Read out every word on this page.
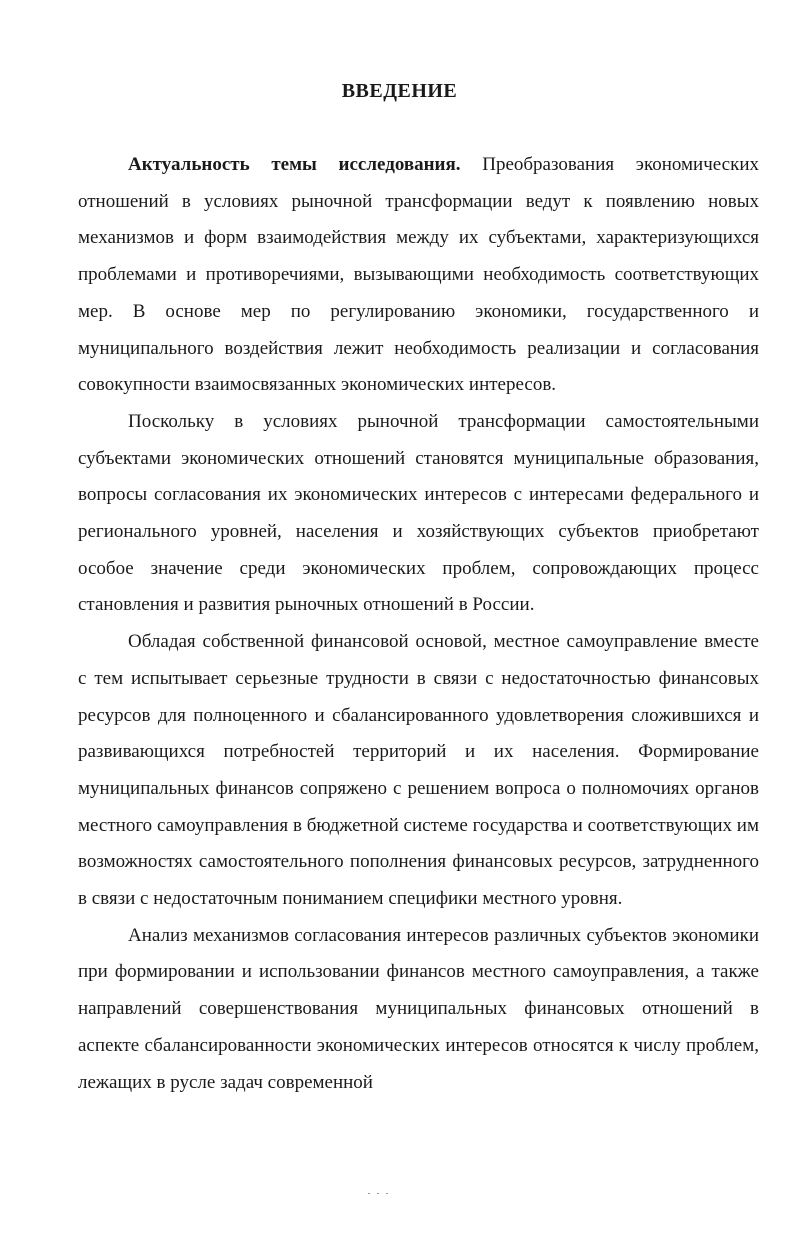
ВВЕДЕНИЕ

Актуальность темы исследования. Преобразования экономических отношений в условиях рыночной трансформации ведут к появлению новых механизмов и форм взаимодействия между их субъектами, характеризующихся проблемами и противоречиями, вызывающими необходимость соответствующих мер. В основе мер по регулированию экономики, государственного и муниципального воздействия лежит необходимость реализации и согласования совокупности взаимосвязанных экономических интересов.

Поскольку в условиях рыночной трансформации самостоятельными субъектами экономических отношений становятся муниципальные образования, вопросы согласования их экономических интересов с интересами федерального и регионального уровней, населения и хозяйствующих субъектов приобретают особое значение среди экономических проблем, сопровождающих процесс становления и развития рыночных отношений в России.

Обладая собственной финансовой основой, местное самоуправление вместе с тем испытывает серьезные трудности в связи с недостаточностью финансовых ресурсов для полноценного и сбалансированного удовлетворения сложившихся и развивающихся потребностей территорий и их населения. Формирование муниципальных финансов сопряжено с решением вопроса о полномочиях органов местного самоуправления в бюджетной системе государства и соответствующих им возможностях самостоятельного пополнения финансовых ресурсов, затрудненного в связи с недостаточным пониманием специфики местного уровня.

Анализ механизмов согласования интересов различных субъектов экономики при формировании и использовании финансов местного самоуправления, а также направлений совершенствования муниципальных финансовых отношений в аспекте сбалансированности экономических интересов относятся к числу проблем, лежащих в русле задач современной
